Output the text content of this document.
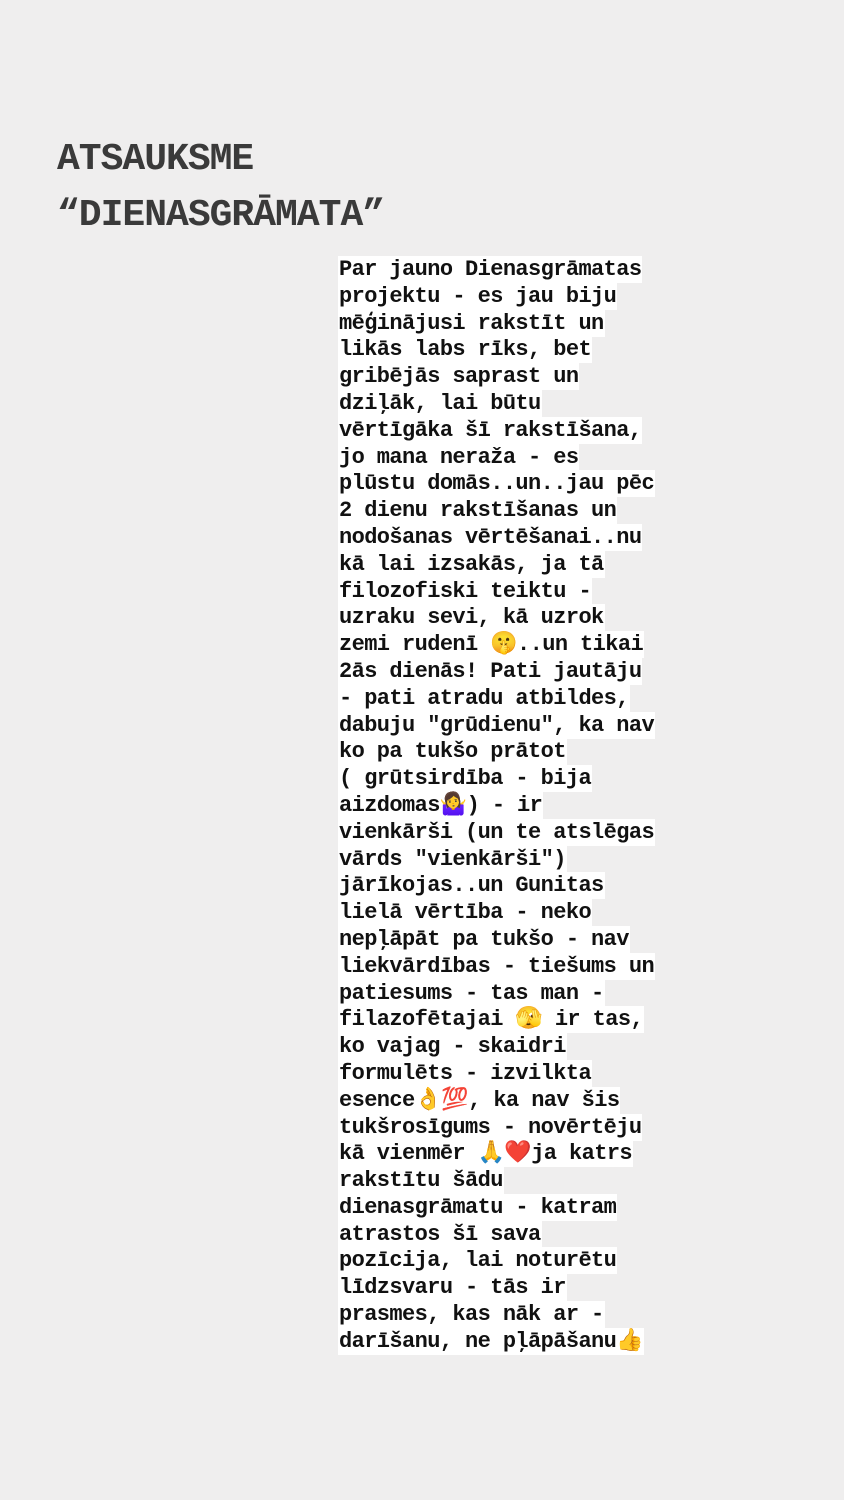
ATSAUKSME
“DIENASGRĀMATA”
Par jauno Dienasgrāmatas
projektu - es jau biju
mēģinājusi rakstīt un
likās labs rīks, bet
gribējās saprast un
dziļāk, lai būtu
vērtīgāka šī rakstīšana,
jo mana neraža - es
plūstu domās..un..jau pēc
2 dienu rakstīšanas un
nodošanas vērtēšanai..nu
kā lai izsakās, ja tā
filozofiski teiktu -
uzraku sevi, kā uzrok
zemi rudenī 🤫..un tikai
2ās dienās! Pati jautāju
- pati atradu atbildes,
dabuju "grūdienu", ka nav
ko pa tukšo prātot
( grūtsirdība - bija
aizdomas🤷‍♀️) - ir
vienkārši (un te atslēgas
vārds "vienkārši")
jārīkojas..un Gunitas
lielā vērtība - neko
nepļāpāt pa tukšo - nav
liekvārdības - tiešums un
patiesums - tas man -
filazofētajai 🫣 ir tas,
ko vajag - skaidri
formulēts - izvilkta
esence👌💯, ka nav šis
tukšrosīgums - novērtēju
kā vienmēr 🙏❤️ja katrs
rakstītu šādu
dienasgrāmatu - katram
atrastos šī sava
pozīcija, lai noturētu
līdzsvaru - tās ir
prasmes, kas nāk ar -
darīšanu, ne pļāpāšanu👍
